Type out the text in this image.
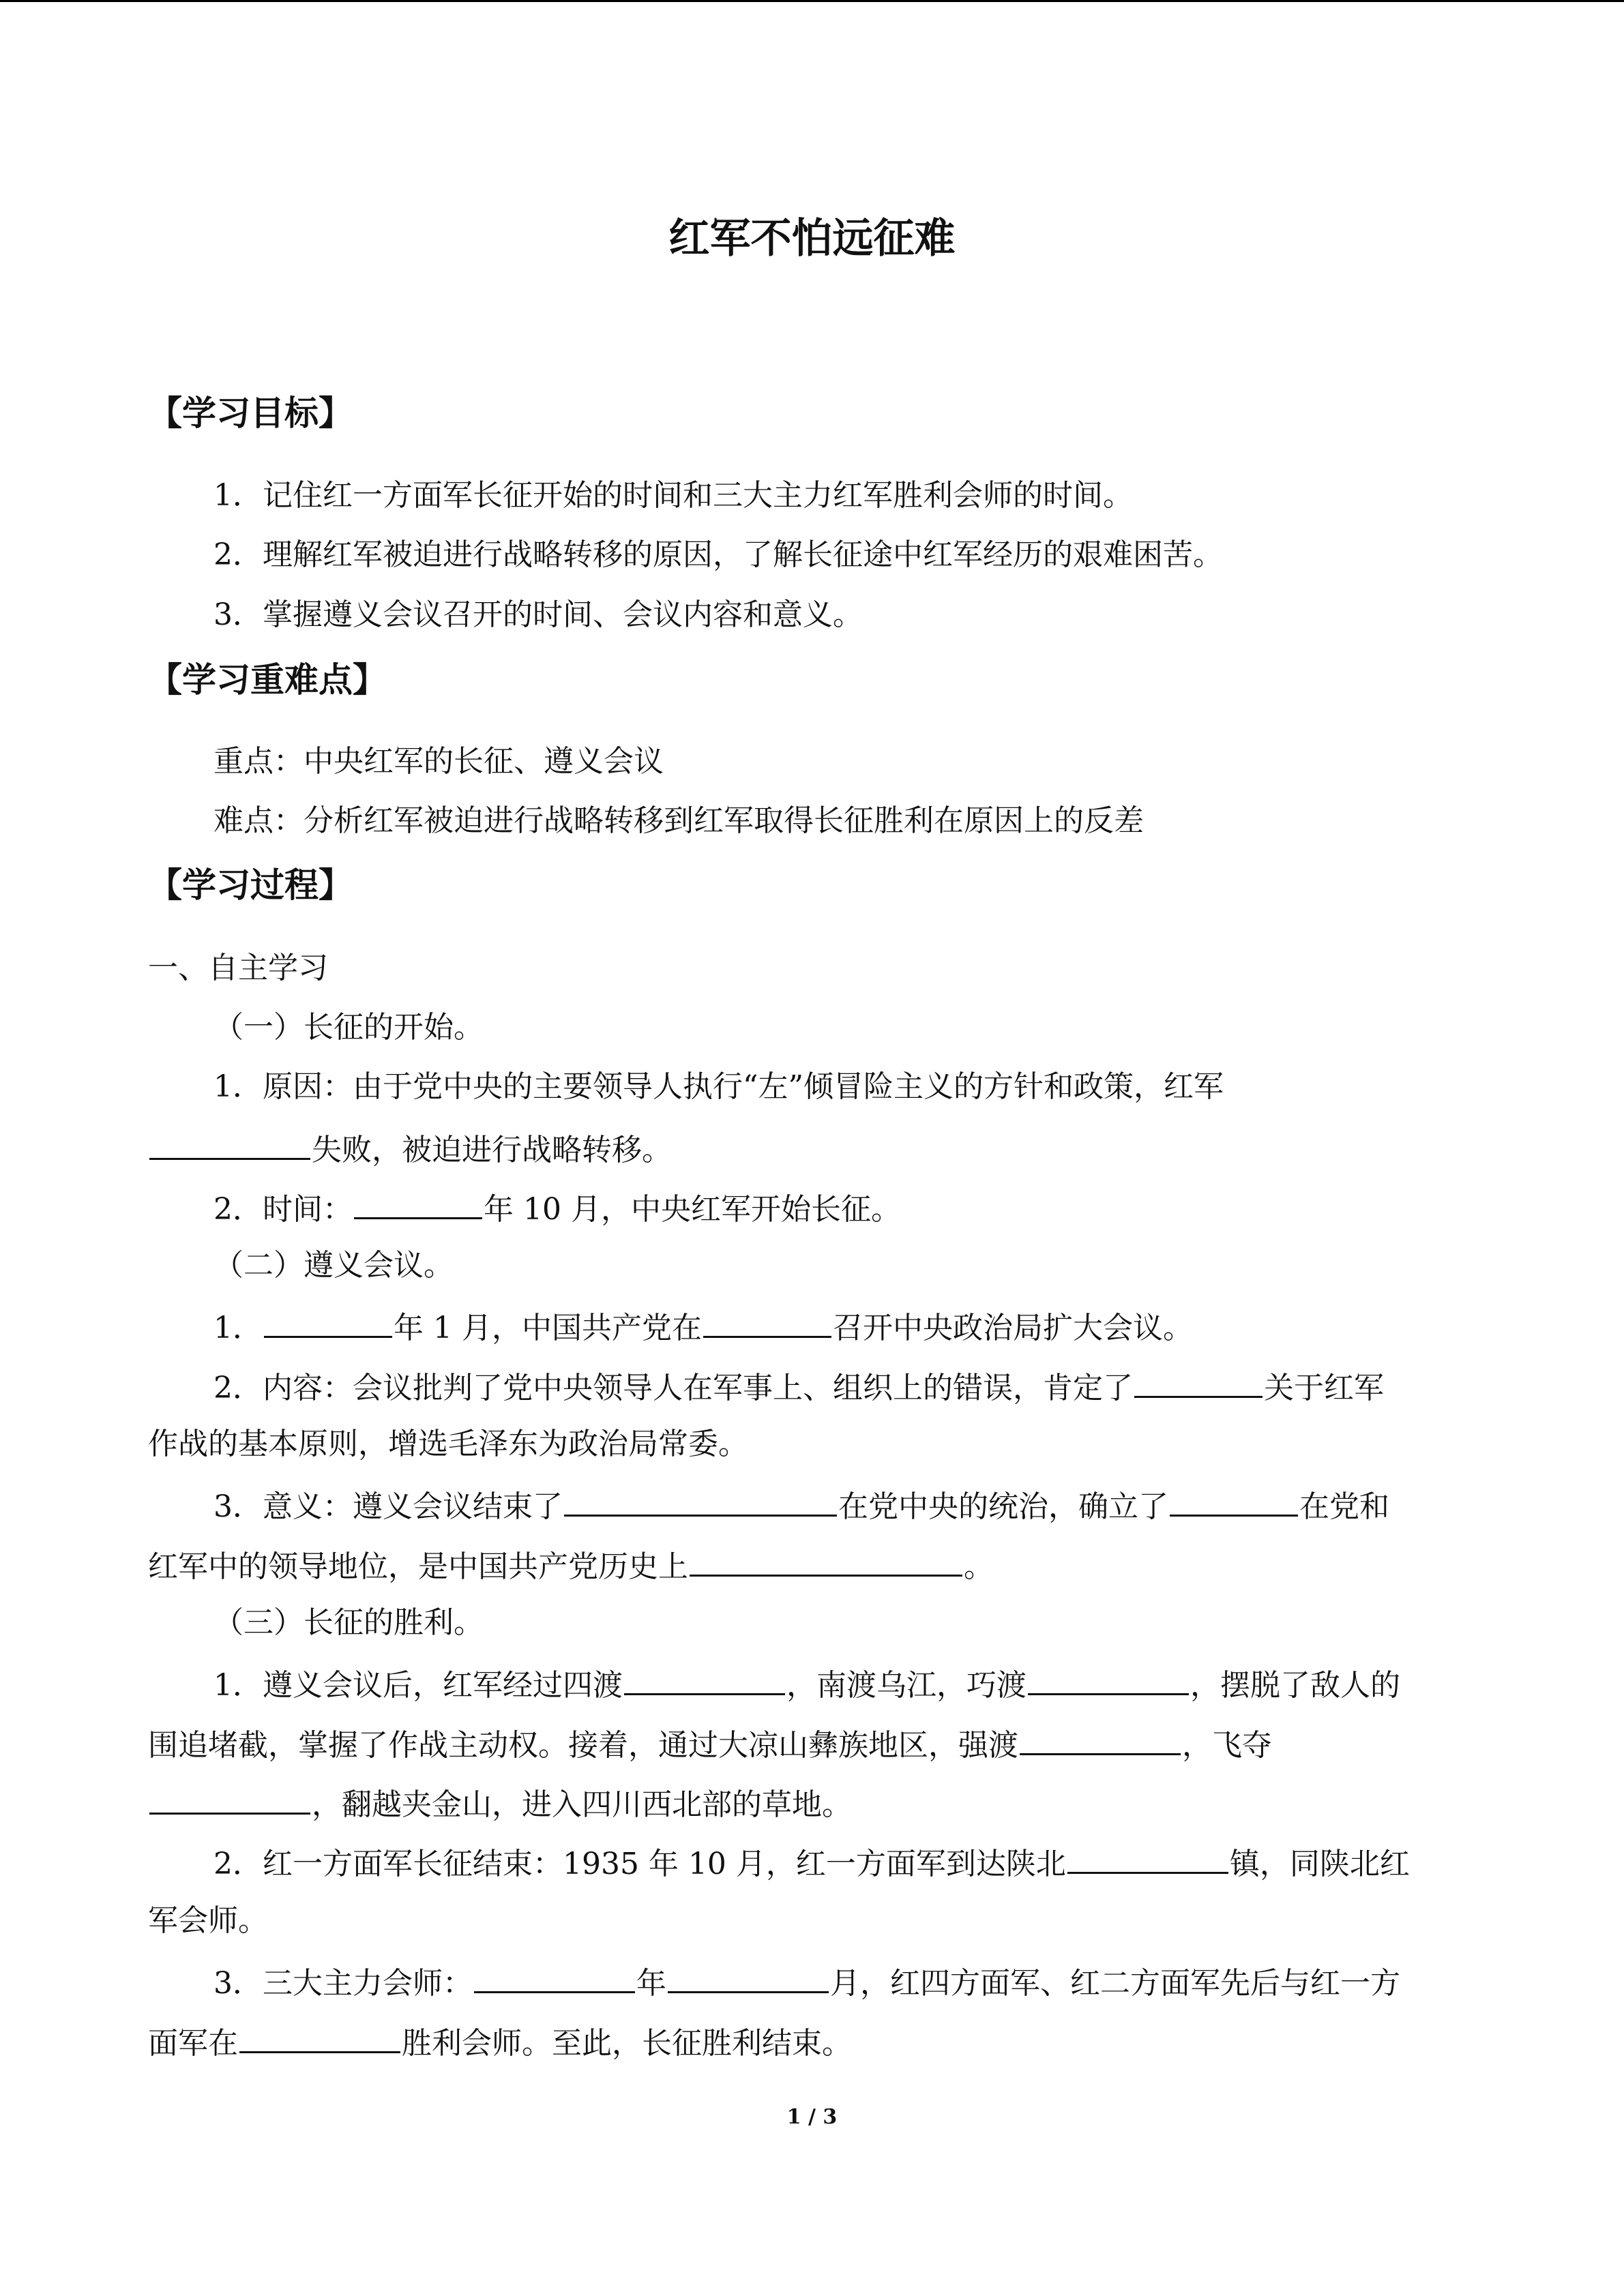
红军不怕远征难
【学习目标】
1．记住红一方面军长征开始的时间和三大主力红军胜利会师的时间。
2．理解红军被迫进行战略转移的原因，了解长征途中红军经历的艰难困苦。
3．掌握遵义会议召开的时间、会议内容和意义。
【学习重难点】
重点：中央红军的长征、遵义会议
难点：分析红军被迫进行战略转移到红军取得长征胜利在原因上的反差
【学习过程】
一、自主学习
（一）长征的开始。
1．原因：由于党中央的主要领导人执行“左”倾冒险主义的方针和政策，红军
失败，被迫进行战略转移。
2．时间：	年 10 月，中央红军开始长征。
（二）遵义会议。
1．	年 1 月，中国共产党在	召开中央政治局扩大会议。
2．内容：会议批判了党中央领导人在军事上、组织上的错误，肯定了	关于红军
作战的基本原则，增选毛泽东为政治局常委。
3．意义：遵义会议结束了	在党中央的统治，确立了	在党和
红军中的领导地位，是中国共产党历史上	。
（三）长征的胜利。
1．遵义会议后，红军经过四渡	，南渡乌江，巧渡	，摆脱了敌人的
围追堵截，掌握了作战主动权。接着，通过大凉山彝族地区，强渡	，飞夺
，翻越夹金山，进入四川西北部的草地。
2．红一方面军长征结束：1935 年 10 月，红一方面军到达陕北	镇，同陕北红
军会师。
3．三大主力会师：	年	月，红四方面军、红二方面军先后与红一方
面军在	胜利会师。至此，长征胜利结束。
1 / 3
